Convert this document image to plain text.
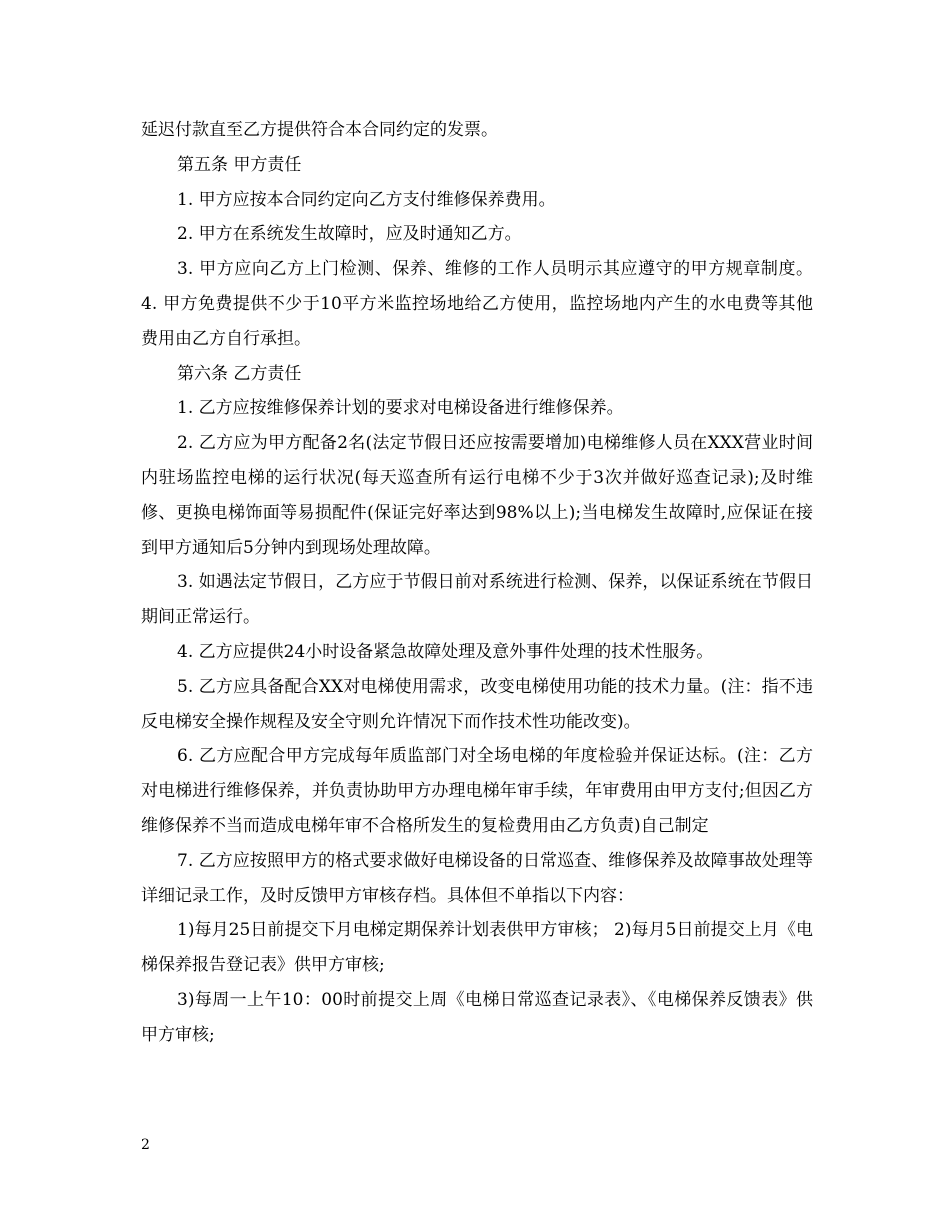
延迟付款直至乙方提供符合本合同约定的发票。

第五条 甲方责任

1. 甲方应按本合同约定向乙方支付维修保养费用。

2. 甲方在系统发生故障时，应及时通知乙方。

3. 甲方应向乙方上门检测、保养、维修的工作人员明示其应遵守的甲方规章制度。 4. 甲方免费提供不少于10平方米监控场地给乙方使用，监控场地内产生的水电费等其他费用由乙方自行承担。

第六条 乙方责任

1. 乙方应按维修保养计划的要求对电梯设备进行维修保养。

2. 乙方应为甲方配备2名(法定节假日还应按需要增加)电梯维修人员在XXX营业时间内驻场监控电梯的运行状况(每天巡查所有运行电梯不少于3次并做好巡查记录);及时维修、更换电梯饰面等易损配件(保证完好率达到98%以上);当电梯发生故障时,应保证在接到甲方通知后5分钟内到现场处理故障。

3. 如遇法定节假日，乙方应于节假日前对系统进行检测、保养，以保证系统在节假日期间正常运行。

4. 乙方应提供24小时设备紧急故障处理及意外事件处理的技术性服务。

5. 乙方应具备配合XX对电梯使用需求，改变电梯使用功能的技术力量。(注：指不违反电梯安全操作规程及安全守则允许情况下而作技术性功能改变)。

6. 乙方应配合甲方完成每年质监部门对全场电梯的年度检验并保证达标。(注：乙方对电梯进行维修保养，并负责协助甲方办理电梯年审手续，年审费用由甲方支付;但因乙方维修保养不当而造成电梯年审不合格所发生的复检费用由乙方负责)自己制定

7. 乙方应按照甲方的格式要求做好电梯设备的日常巡查、维修保养及故障事故处理等详细记录工作，及时反馈甲方审核存档。具体但不单指以下内容：

1)每月25日前提交下月电梯定期保养计划表供甲方审核； 2)每月5日前提交上月《电梯保养报告登记表》供甲方审核;

3)每周一上午10：00时前提交上周《电梯日常巡查记录表》、《电梯保养反馈表》供甲方审核;

2
